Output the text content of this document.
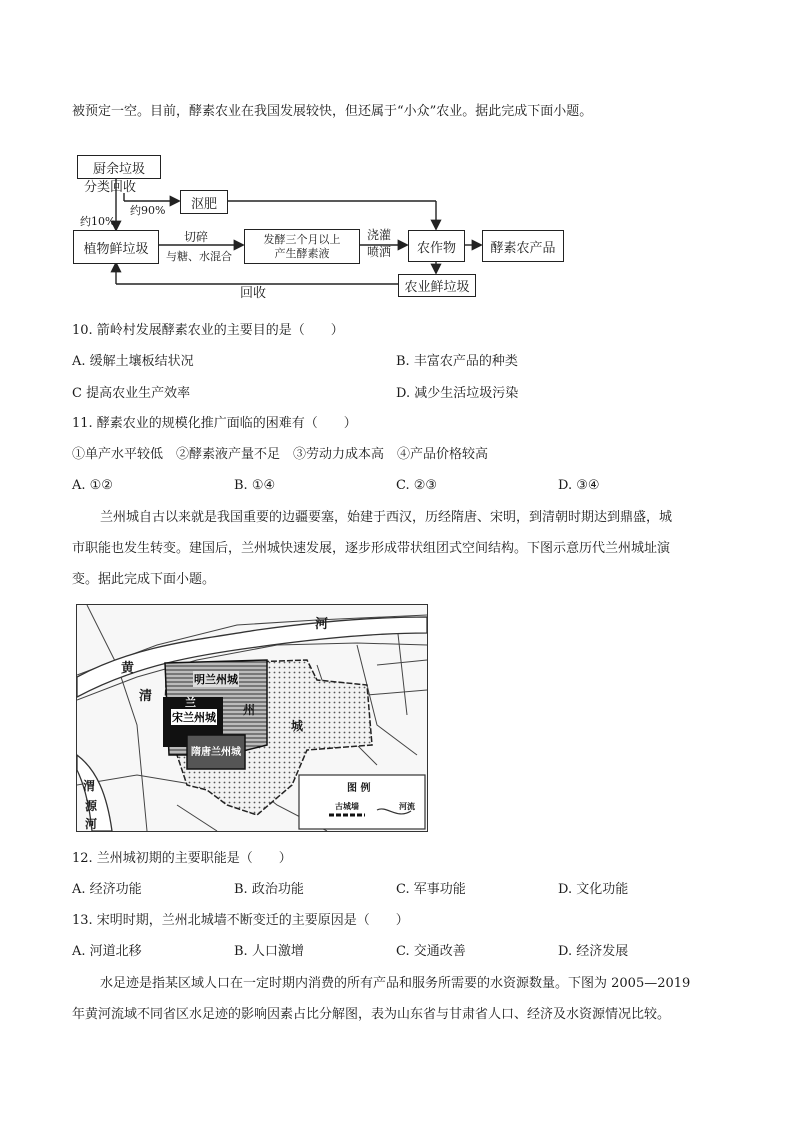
被预定一空。目前，酵素农业在我国发展较快，但还属于“小众”农业。据此完成下面小题。
厨余垃圾
分类回收
约90%
约10%
沤肥
植物鲜垃圾
切碎
与糖、水混合
发酵三个月以上
产生酵素液
浇灌
喷洒	农作物	酵素农产品
农业鲜垃圾
回收
10. 箭岭村发展酵素农业的主要目的是（　　）
A. 缓解土壤板结状况	B. 丰富农产品的种类
C 提高农业生产效率	D. 减少生活垃圾污染
11. 酵素农业的规模化推广面临的困难有（　　）
①单产水平较低　②酵素液产量不足　③劳动力成本高　④产品价格较高
A. ①②	B. ①④	C. ②③	D. ③④
兰州城自古以来就是我国重要的边疆要塞，始建于西汉，历经隋唐、宋明，到清朝时期达到鼎盛，城
市职能也发生转变。建国后，兰州城快速发展，逐步形成带状组团式空间结构。下图示意历代兰州城址演
变。据此完成下面小题。
河
黄
清
明兰州城
宋兰州城
兰
隋唐兰州城
州
城
渭
源
河
图 例
古城墙	河流
12. 兰州城初期的主要职能是（　　）
A. 经济功能	B. 政治功能	C. 军事功能	D. 文化功能
13. 宋明时期，兰州北城墙不断变迁的主要原因是（　　）
A. 河道北移	B. 人口激增	C. 交通改善	D. 经济发展
水足迹是指某区域人口在一定时期内消费的所有产品和服务所需要的水资源数量。下图为 2005—2019
年黄河流域不同省区水足迹的影响因素占比分解图，表为山东省与甘肃省人口、经济及水资源情况比较。
